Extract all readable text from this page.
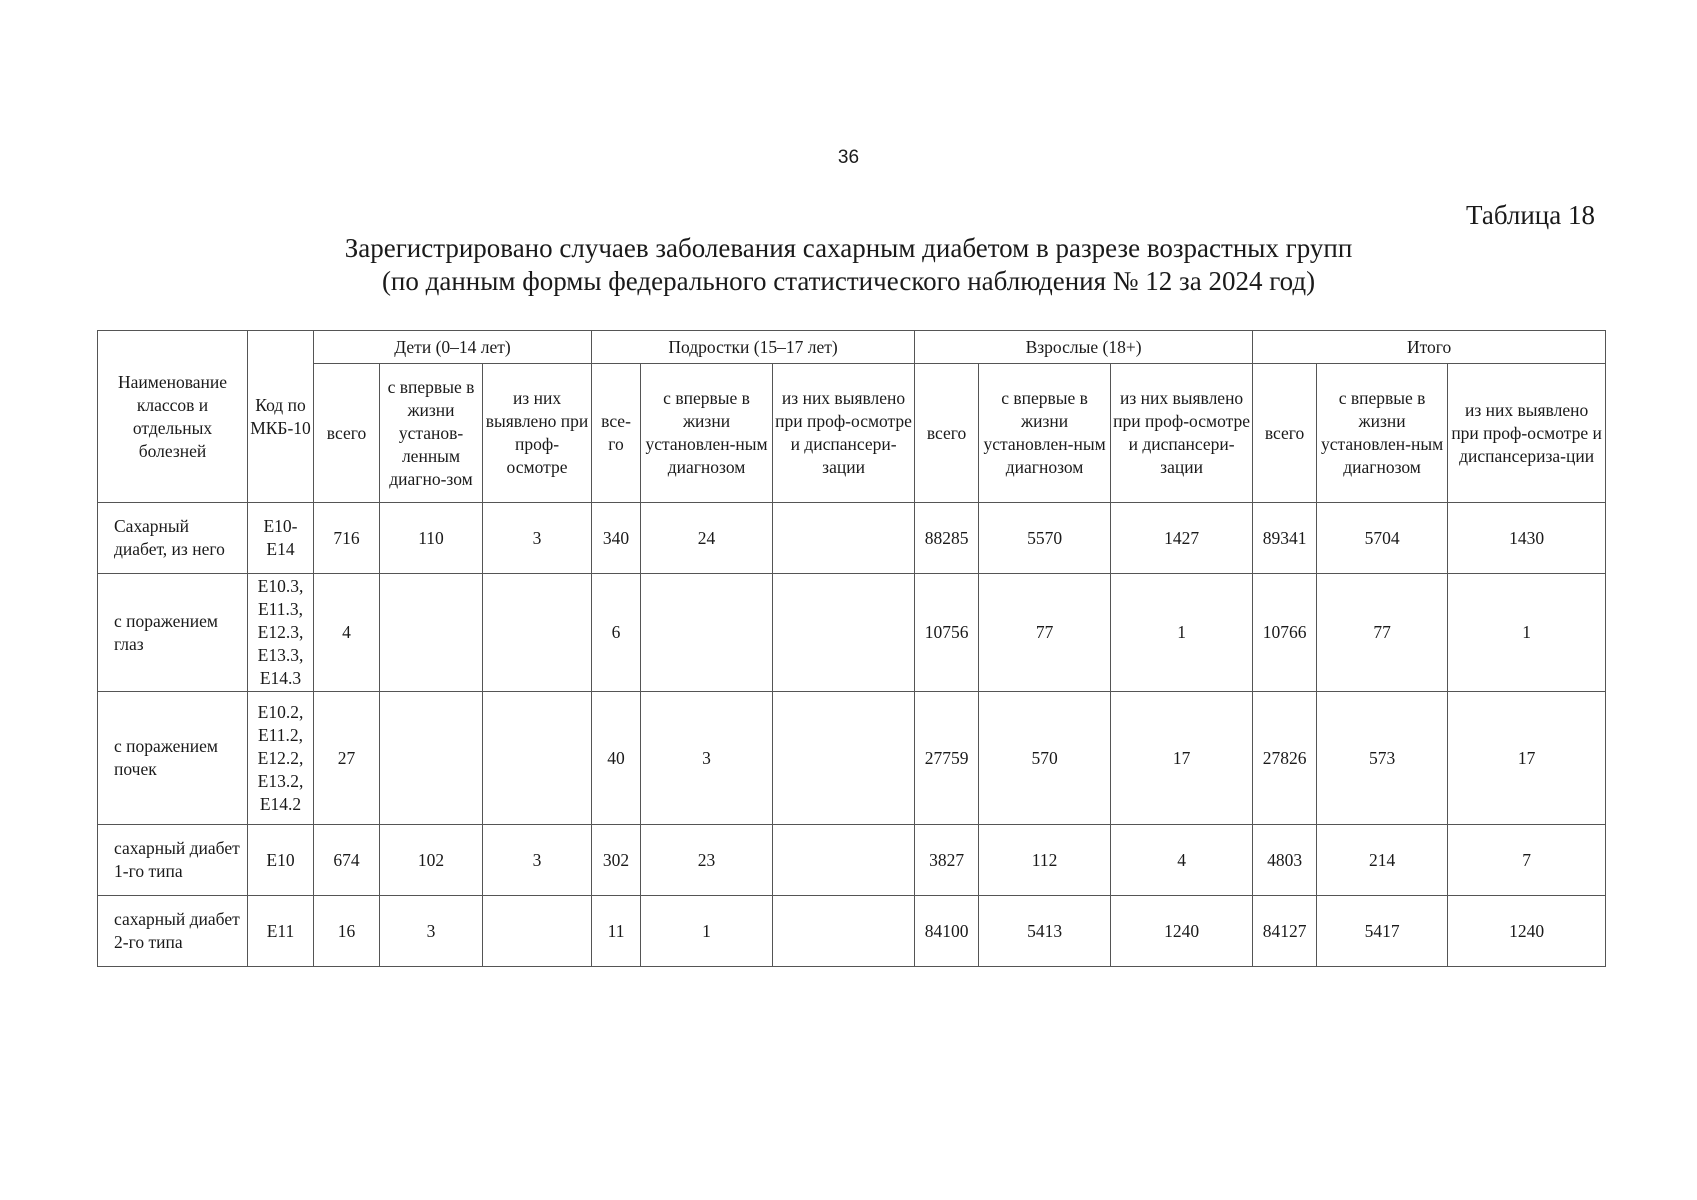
36
Таблица 18
Зарегистрировано случаев заболевания сахарным диабетом в разрезе возрастных групп
(по данным формы федерального статистического наблюдения № 12 за 2024 год)
Наименование классов и отдельных болезней	Код по МКБ-10	Дети (0–14 лет)			Подростки (15–17 лет)			Взрослые (18+)			Итого		
		всего	с впервые в жизни установ-ленным диагно-зом	из них выявлено при проф-осмотре	все-го	с впервые в жизни установлен-ным диагнозом	из них выявлено при проф-осмотре и диспансери-зации	всего	с впервые в жизни установлен-ным диагнозом	из них выявлено при проф-осмотре и диспансери-зации	всего	с впервые в жизни установлен-ным диагнозом	из них выявлено при проф-осмотре и диспансериза-ции

Сахарный диабет, из него	E10-E14	716	110	3	340	24		88285	5570	1427	89341	5704	1430

с поражением глаз	E10.3, E11.3, E12.3, E13.3, E14.3	4			6			10756	77	1	10766	77	1

с поражением почек	E10.2, E11.2, E12.2, E13.2, E14.2	27			40	3		27759	570	17	27826	573	17

сахарный диабет
1-го типа	E10	674	102	3	302	23		3827	112	4	4803	214	7

сахарный диабет
2-го типа	E11	16	3		11	1		84100	5413	1240	84127	5417	1240
